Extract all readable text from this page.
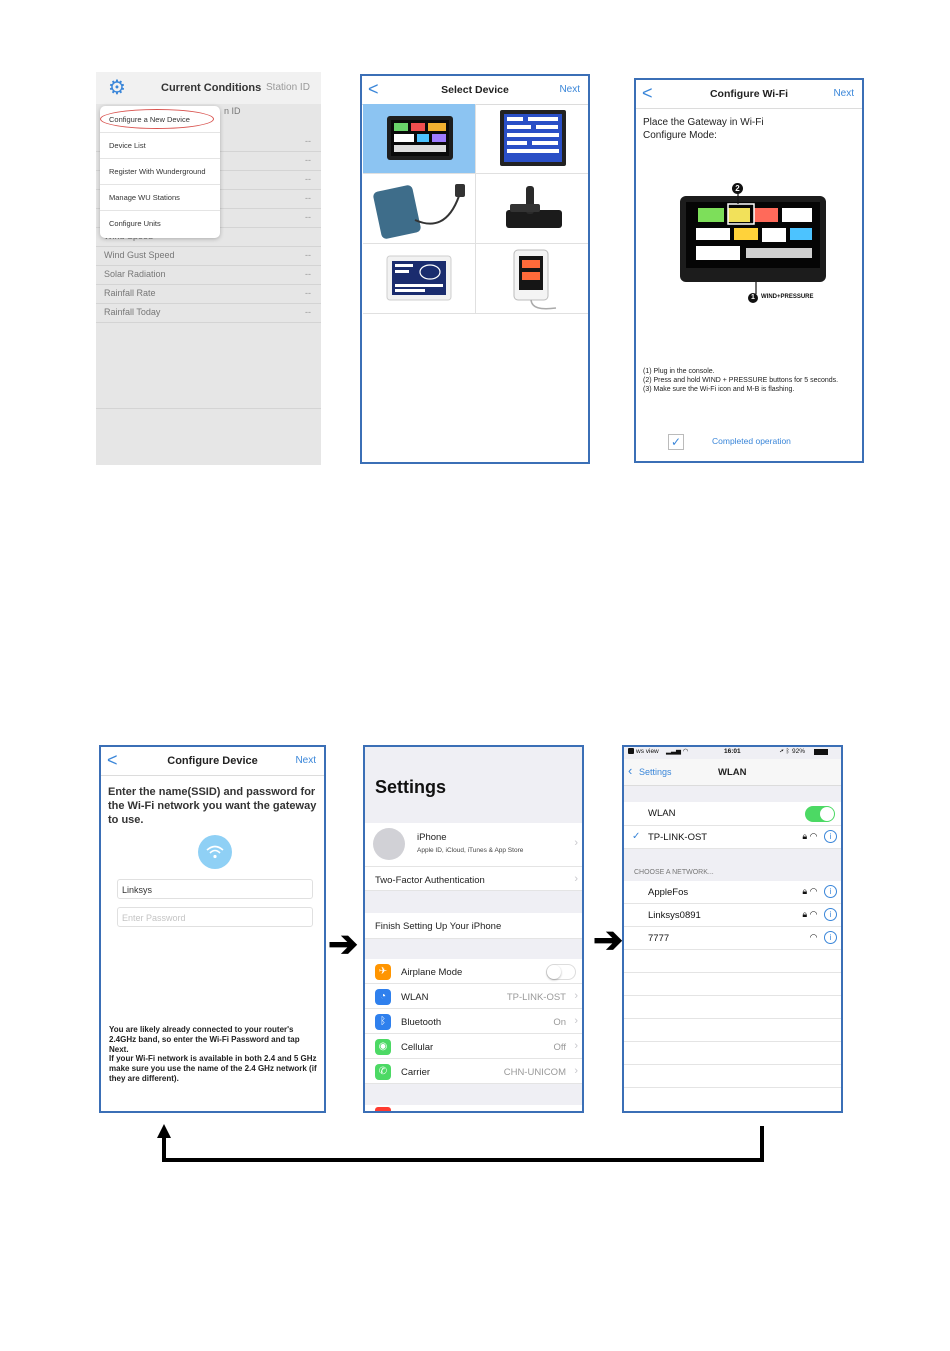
⚙	Current Conditions Station ID
n ID
--
--
--
--
--
Wind Gust Speed	--
Solar Radiation	--
Rainfall Rate	--
Rainfall Today	--
Configure a New Device
Device List
Register With Wunderground
Manage WU Stations
Configure Units
<	Select Device	Next	<	Configure Wi-Fi	Next
Place the Gateway in Wi-Fi Configure Mode:
2
1	WIND+PRESSURE
(1) Plug in the console.
(2) Press and hold WIND + PRESSURE buttons for 5 seconds.
(3) Make sure the Wi-Fi icon and M-B is flashing.
✓	Completed operation
<	Configure Device	Next
Enter the name(SSID) and password for the Wi-Fi network you want the gateway to use.
Linksys
Enter Password
You are likely already connected to your router's 2.4GHz band, so enter the Wi-Fi Password and tap Next.
If your Wi-Fi network is available in both 2.4 and 5 GHz make sure you use the name of the 2.4 GHz network (if they are different).
Settings
iPhone
Apple ID, iCloud, iTunes & App Store
›
Two-Factor Authentication	›
Finish Setting Up Your iPhone
✈	Airplane Mode
◔	WLAN	TP-LINK-OST ›
ᛒ	Bluetooth	On ›
◉	Cellular	Off ›
✆	Carrier	CHN-UNICOM ›
ws view ▂▃▅ ◠	16:01	92%
➚ ᛒ
‹ Settings	WLAN
WLAN
✓ TP-LINK-OST	🔒︎ ◠ i
CHOOSE A NETWORK...
AppleFos	🔒︎ ◠ i
Linksys0891	🔒︎ ◠ i
7777	◠ i
➔	➔
